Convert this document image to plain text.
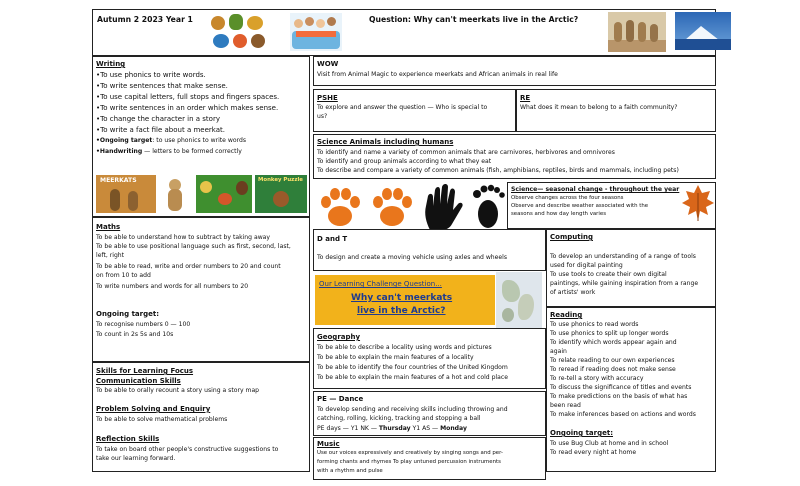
Autumn 2 2023 Year 1	Question: Why can't meerkats live in the Arctic?
Writing
•To use phonics to write words.
•To write sentences that make sense.
•To use capital letters, full stops and fingers spaces.
•To write sentences in an order which makes sense.
•To change the character in a story
•To write a fact file about a meerkat.
•Ongoing target: to use phonics to write words
•Handwriting — letters to be formed correctly
MEERKATS	Monkey Puzzle
Maths
To be able to understand how to subtract by taking away
To be able to use positional language such as first, second, last,
left, right
To be able to read, write and order numbers to 20 and count
on from 10 to add
To write numbers and words for all numbers to 20
Ongoing target:
To recognise numbers 0 — 100
To count in 2s 5s and 10s
Skills for Learning Focus
Communication Skills
To be able to orally recount a story using a story map
Problem Solving and Enquiry
To be able to solve mathematical problems
Reflection Skills
To take on board other people's constructive suggestions to
take our learning forward.
WOW
Visit from Animal Magic to experience meerkats and African animals in real life
PSHE
To explore and answer the question — Who is special to
us?
RE
What does it mean to belong to a faith community?
Science Animals including humans
To identify and name a variety of common animals that are carnivores, herbivores and omnivores
To identify and group animals according to what they eat
To describe and compare a variety of common animals (fish, amphibians, reptiles, birds and mammals, including pets)
Science— seasonal change - throughout the year
Observe changes across the four seasons
Observe and describe weather associated with the
seasons and how day length varies
D and T
To design and create a moving vehicle using axles and wheels
Our Learning Challenge Question...
Why can't meerkats
live in the Arctic?
Computing
To develop an understanding of a range of tools
used for digital painting
To use tools to create their own digital
paintings, while gaining inspiration from a range
of artists' work
Geography
To be able to describe a locality using words and pictures
To be able to explain the main features of a locality
To be able to identify the four countries of the United Kingdom
To be able to explain the main features of a hot and cold place
PE — Dance
To develop sending and receiving skills including throwing and
catching, rolling, kicking, tracking and stopping a ball
PE days — Y1 NK — Thursday Y1 AS — Monday
Music
Use our voices expressively and creatively by singing songs and per-
forming chants and rhymes To play untuned percussion instruments
with a rhythm and pulse
Reading
To use phonics to read words
To use phonics to split up longer words
To identify which words appear again and
again
To relate reading to our own experiences
To reread if reading does not make sense
To re-tell a story with accuracy
To discuss the significance of titles and events
To make predictions on the basis of what has
been read
To make inferences based on actions and words
Ongoing target:
To use Bug Club at home and in school
To read every night at home
